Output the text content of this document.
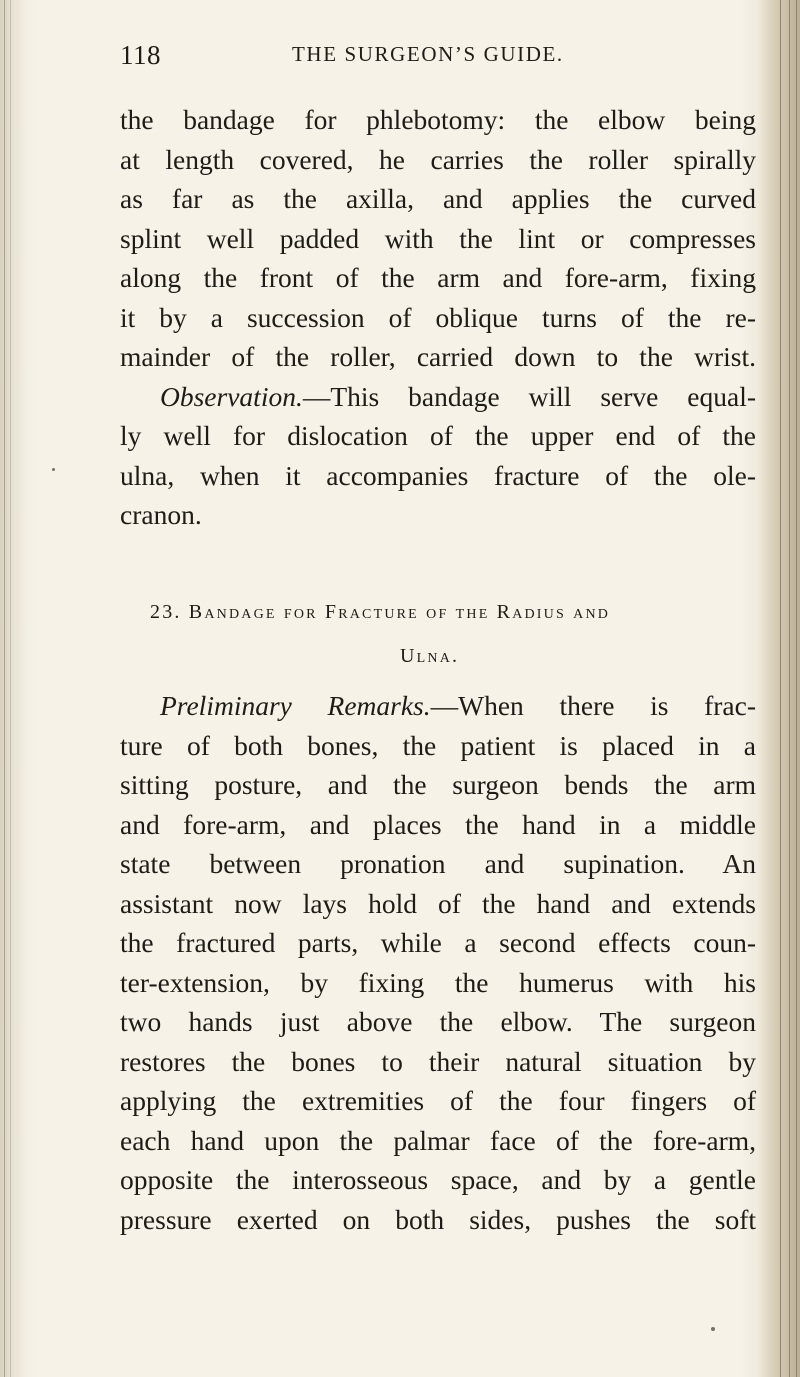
118	THE SURGEON’S GUIDE.
the bandage for phlebotomy: the elbow being
at length covered, he carries the roller spirally
as far as the axilla, and applies the curved
splint well padded with the lint or compresses
along the front of the arm and fore-arm, fixing
it by a succession of oblique turns of the re-
mainder of the roller, carried down to the wrist.
Observation.—This bandage will serve equal-
ly well for dislocation of the upper end of the
ulna, when it accompanies fracture of the ole-
cranon.
23. Bandage for Fracture of the Radius and
Ulna.
Preliminary Remarks.—When there is frac-
ture of both bones, the patient is placed in a
sitting posture, and the surgeon bends the arm
and fore-arm, and places the hand in a middle
state between pronation and supination. An
assistant now lays hold of the hand and extends
the fractured parts, while a second effects coun-
ter-extension, by fixing the humerus with his
two hands just above the elbow. The surgeon
restores the bones to their natural situation by
applying the extremities of the four fingers of
each hand upon the palmar face of the fore-arm,
opposite the interosseous space, and by a gentle
pressure exerted on both sides, pushes the soft
